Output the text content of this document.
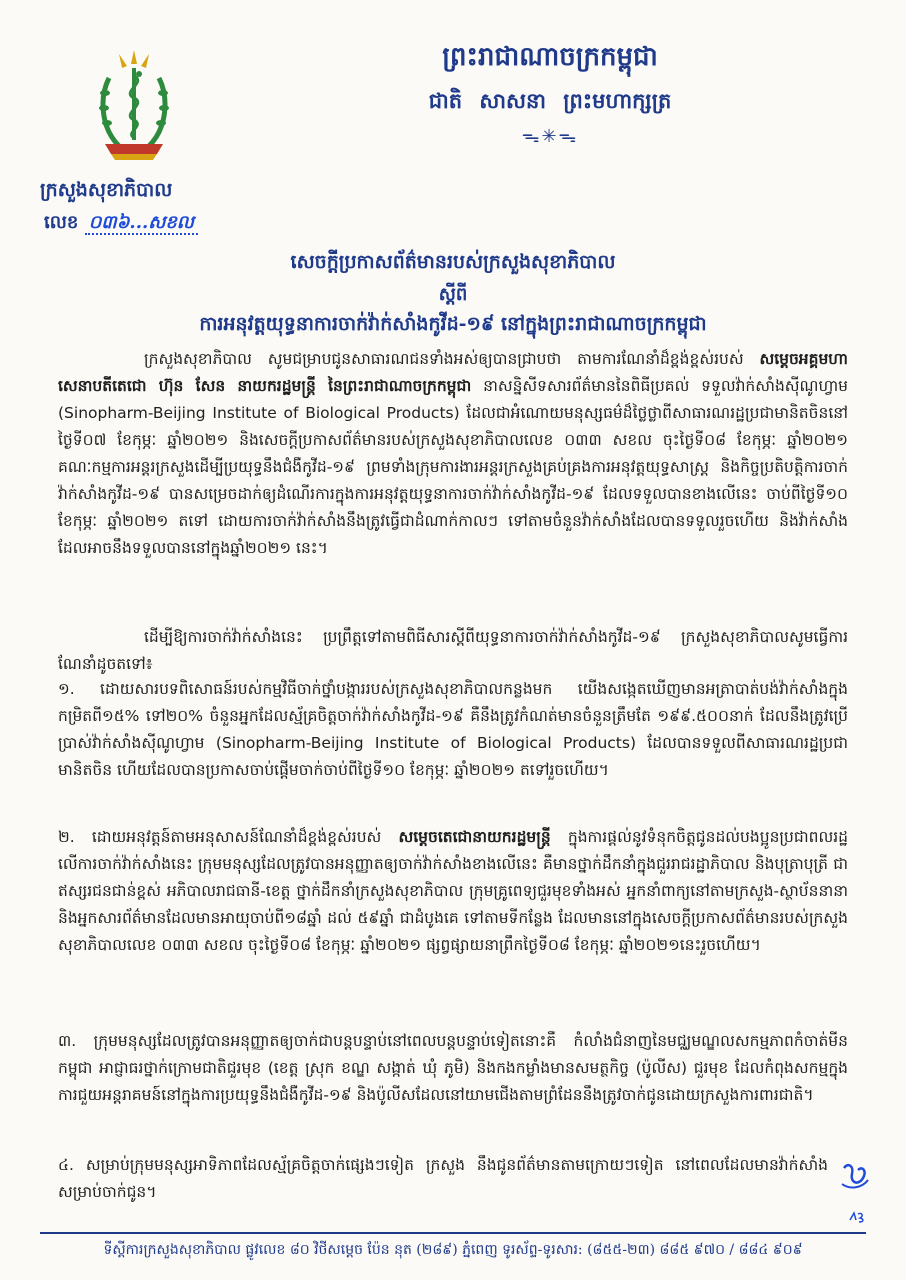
ក្រសួងសុខាភិបាល
លេខ ០៣៦...សខល
ព្រះរាជាណាចក្រកម្ពុជា
ជាតិ សាសនា ព្រះមហាក្សត្រ
ᯓ✳ᯓ
សេចក្តីប្រកាសព័ត៌មានរបស់ក្រសួងសុខាភិបាល
ស្តីពី
ការអនុវត្តយុទ្ធនាការចាក់វ៉ាក់សាំងកូវីដ-១៩ នៅក្នុងព្រះរាជាណាចក្រកម្ពុជា

ក្រសួងសុខាភិបាល សូមជម្រាបជូនសាធារណជនទាំងអស់ឲ្យបានជ្រាបថា តាមការណែនាំដ៏ខ្ពង់ខ្ពស់របស់ សម្តេចអគ្គមហាសេនាបតីតេជោ ហ៊ុន សែន នាយករដ្ឋមន្ត្រី នៃព្រះរាជាណាចក្រកម្ពុជា នាសន្និសីទសារព័ត៌មាននៃពិធីប្រគល់ ទទួលវ៉ាក់សាំងស៊ីណូហ្វាម (Sinopharm-Beijing Institute of Biological Products) ដែលជាអំណោយមនុស្សធម៌ដ៏ថ្លៃថ្លាពីសាធារណរដ្ឋប្រជាមានិតចិននៅថ្ងៃទី០៧ ខែកុម្ភៈ ឆ្នាំ២០២១ និងសេចក្តីប្រកាសព័ត៌មានរបស់ក្រសួងសុខាភិបាលលេខ ០៣៣ សខល ចុះថ្ងៃទី០៨ ខែកុម្ភៈ ឆ្នាំ២០២១ គណៈកម្មការអន្តរក្រសួងដើម្បីប្រយុទ្ធនឹងជំងឺកូវីដ-១៩ ព្រមទាំងក្រុមការងារអន្តរក្រសួងគ្រប់គ្រងការអនុវត្តយុទ្ធសាស្ត្រ និងកិច្ចប្រតិបត្តិការចាក់វ៉ាក់សាំងកូវីដ-១៩ បានសម្រេចដាក់ឲ្យដំណើរការក្នុងការអនុវត្តយុទ្ធនាការចាក់វ៉ាក់សាំងកូវីដ-១៩ ដែលទទួលបានខាងលើនេះ ចាប់ពីថ្ងៃទី១០ ខែកុម្ភៈ ឆ្នាំ២០២១ តទៅ ដោយការចាក់វ៉ាក់សាំងនឹងត្រូវធ្វើជាដំណាក់កាលៗ ទៅតាមចំនួនវ៉ាក់សាំងដែលបានទទួលរួចហើយ និងវ៉ាក់សាំងដែលអាចនឹងទទួលបាននៅក្នុងឆ្នាំ២០២១ នេះ។

ដើម្បីឱ្យការចាក់វ៉ាក់សាំងនេះ ប្រព្រឹត្តទៅតាមពិធីសារស្តីពីយុទ្ធនាការចាក់វ៉ាក់សាំងកូវីដ-១៩ ក្រសួងសុខាភិបាលសូមធ្វើការណែនាំដូចតទៅ៖

១. ដោយសារបទពិសោធន៍របស់កម្មវិធីចាក់ថ្នាំបង្ការរបស់ក្រសួងសុខាភិបាលកន្លងមក យើងសង្កេតឃើញមានអត្រាបាត់បង់វ៉ាក់សាំងក្នុងកម្រិតពី១៥% ទៅ២០% ចំនួនអ្នកដែលស្ម័គ្រចិត្តចាក់វ៉ាក់សាំងកូវីដ-១៩ គឺនឹងត្រូវកំណត់មានចំនួនត្រឹមតែ ១៩៩.៥០០នាក់ ដែលនឹងត្រូវប្រើប្រាស់វ៉ាក់សាំងស៊ីណូហ្វាម (Sinopharm-Beijing Institute of Biological Products) ដែលបានទទួលពីសាធារណរដ្ឋប្រជាមានិតចិន ហើយដែលបានប្រកាសចាប់ផ្តើមចាក់ចាប់ពីថ្ងៃទី១០ ខែកុម្ភៈ ឆ្នាំ២០២១ តទៅរួចហើយ។

២. ដោយអនុវត្តន៍តាមអនុសាសន៍ណែនាំដ៏ខ្ពង់ខ្ពស់របស់ សម្តេចតេជោនាយករដ្ឋមន្ត្រី ក្នុងការផ្តល់នូវទំនុកចិត្តជូនដល់បងប្អូនប្រជាពលរដ្ឋលើការចាក់វ៉ាក់សាំងនេះ ក្រុមមនុស្សដែលត្រូវបានអនុញ្ញាតឲ្យចាក់វ៉ាក់សាំងខាងលើនេះ គឺមានថ្នាក់ដឹកនាំក្នុងជួររាជរដ្ឋាភិបាល និងបុត្រាបុត្រី ជាឥស្សរជនជាន់ខ្ពស់ អភិបាលរាជធានី-ខេត្ត ថ្នាក់ដឹកនាំក្រសួងសុខាភិបាល ក្រុមគ្រូពេទ្យជួរមុខទាំងអស់ អ្នកនាំពាក្យនៅតាមក្រសួង-ស្ថាប័ននានា និងអ្នកសារព័ត៌មានដែលមានអាយុចាប់ពី១៨ឆ្នាំ ដល់ ៥៩ឆ្នាំ ជាដំបូងគេ ទៅតាមទីកន្លែង ដែលមាននៅក្នុងសេចក្តីប្រកាសព័ត៌មានរបស់ក្រសួងសុខាភិបាលលេខ ០៣៣ សខល ចុះថ្ងៃទី០៨ ខែកុម្ភៈ ឆ្នាំ២០២១ ផ្សព្វផ្សាយនាព្រឹកថ្ងៃទី០៨ ខែកុម្ភៈ ឆ្នាំ២០២១នេះរួចហើយ។

៣. ក្រុមមនុស្សដែលត្រូវបានអនុញ្ញាតឲ្យចាក់ជាបន្តបន្ទាប់នៅពេលបន្តបន្ទាប់ទៀតនោះគឺ កំលាំងជំនាញនៃមជ្ឈមណ្ឌលសកម្មភាពកំចាត់មីនកម្ពុជា អាជ្ញាធរថ្នាក់ក្រោមជាតិជួរមុខ (ខេត្ត ស្រុក ខណ្ឌ សង្កាត់ ឃុំ ភូមិ) និងកងកម្លាំងមានសមត្ថកិច្ច (ប៉ូលីស) ជួរមុខ ដែលកំពុងសកម្មក្នុងការជួយអន្តរាគមន៍នៅក្នុងការប្រយុទ្ធនឹងជំងឺកូវីដ-១៩ និងប៉ូលីសដែលនៅយាមជើងតាមព្រំដែននឹងត្រូវចាក់ជូនដោយក្រសួងការពារជាតិ។

៤. សម្រាប់ក្រុមមនុស្សអាទិភាពដែលស្ម័គ្រចិត្តចាក់ផ្សេងៗទៀត ក្រសួង នឹងជូនព័ត៌មានតាមក្រោយៗទៀត នៅពេលដែលមានវ៉ាក់សាំងសម្រាប់ចាក់ជូន។

ទីស្តីការក្រសួងសុខាភិបាល ផ្លូវលេខ ៨០ វិថីសម្តេច ប៉ែន នុត (២៨៩) ភ្នំពេញ ទូរស័ព្ទ-ទូរសារ: (៨៥៥-២៣) ៨៨៥ ៩៧០ / ៨៨៤ ៩០៩
